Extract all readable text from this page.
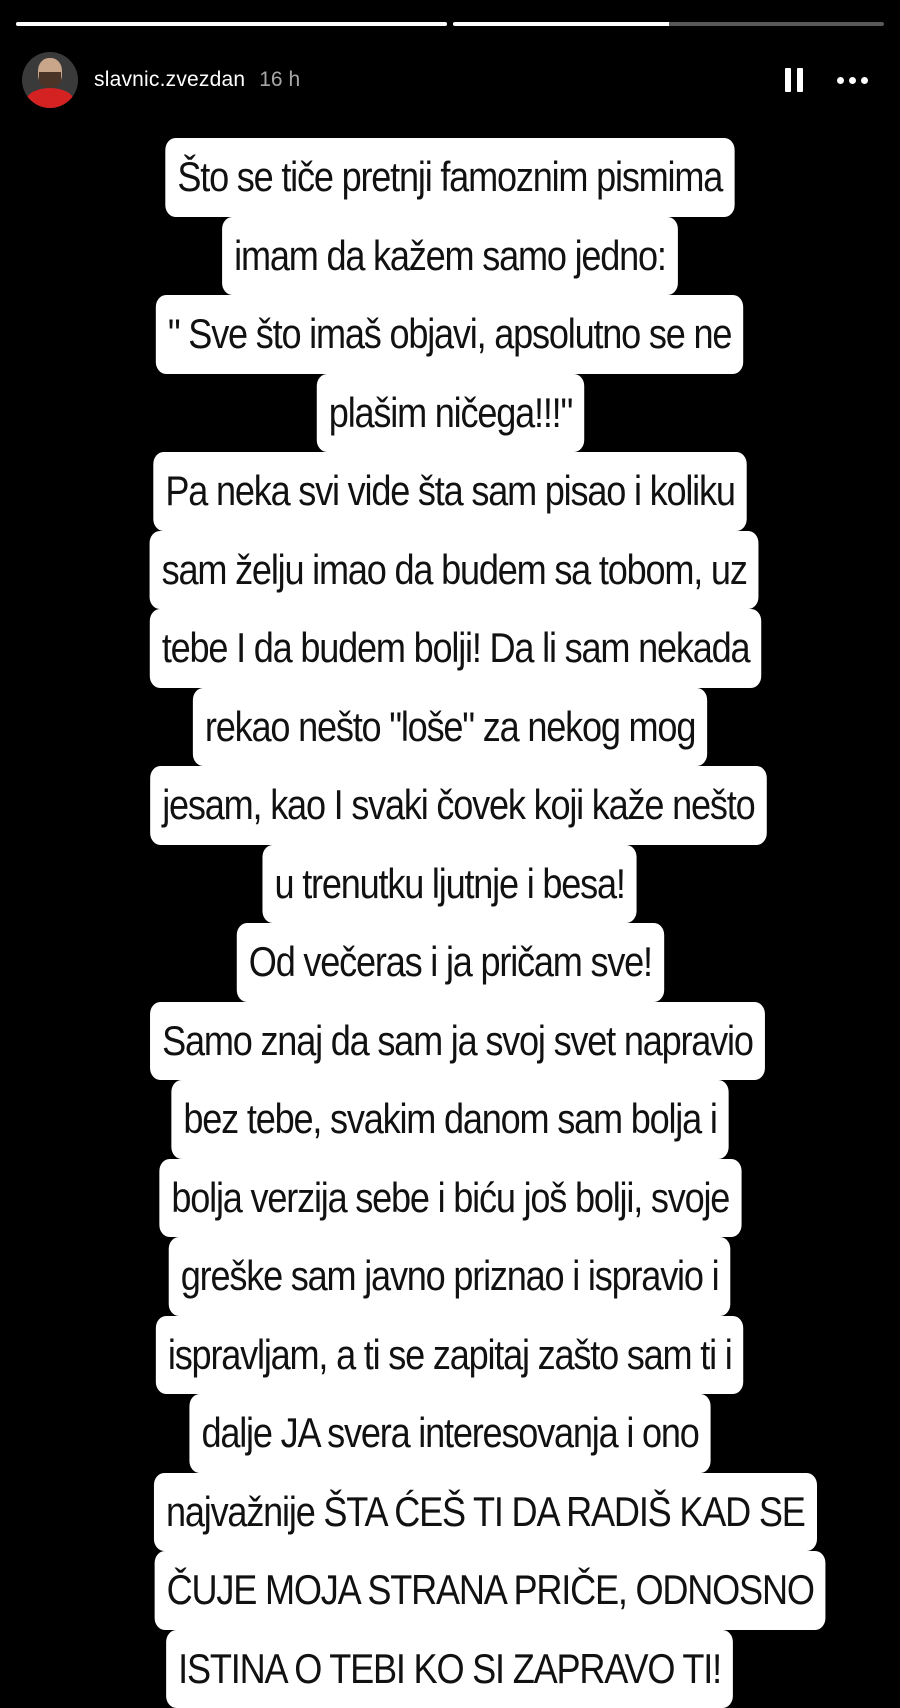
slavnic.zvezdan 16 h
Što se tiče pretnji famoznim pismima
imam da kažem samo jedno:
" Sve što imaš objavi, apsolutno se ne
plašim ničega!!!"
Pa neka svi vide šta sam pisao i koliku
sam želju imao da budem sa tobom, uz
tebe I da budem bolji! Da li sam nekada
rekao nešto "loše" za nekog mog
jesam, kao I svaki čovek koji kaže nešto
u trenutku ljutnje i besa!
Od večeras i ja pričam sve!
Samo znaj da sam ja svoj svet napravio
bez tebe, svakim danom sam bolja i
bolja verzija sebe i biću još bolji, svoje
greške sam javno priznao i ispravio i
ispravljam, a ti se zapitaj zašto sam ti i
dalje JA svera interesovanja i ono
najvažnije ŠTA ĆEŠ TI DA RADIŠ KAD SE
ČUJE MOJA STRANA PRIČE, ODNOSNO
ISTINA O TEBI KO SI ZAPRAVO TI!
